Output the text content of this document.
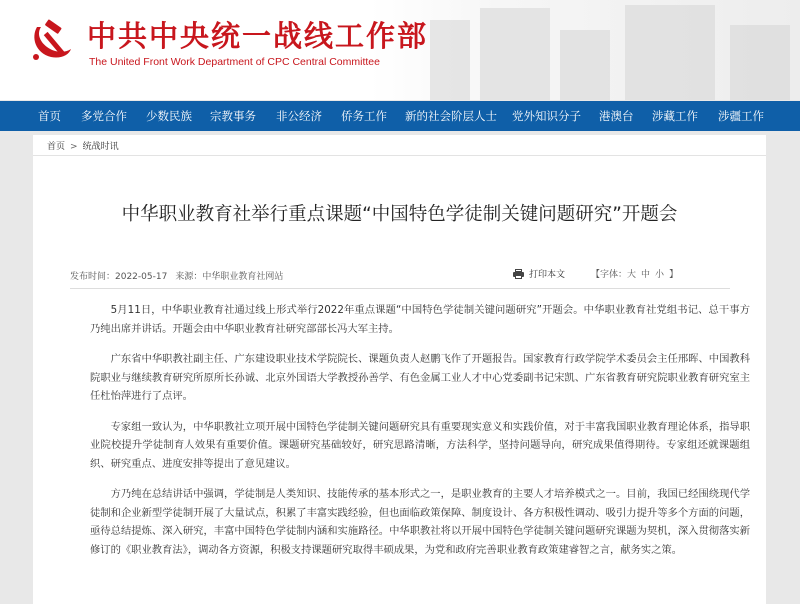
中共中央统一战线工作部
The United Front Work Department of CPC Central Committee
首页 多党合作 少数民族 宗教事务 非公经济 侨务工作 新的社会阶层人士 党外知识分子 港澳台 涉藏工作 涉疆工作
首页 > 统战时讯
中华职业教育社举行重点课题“中国特色学徒制关键问题研究”开题会
发布时间：2022-05-17 来源：中华职业教育社网站	打印本文	【字体：大 中 小 】

5月11日，中华职业教育社通过线上形式举行2022年重点课题“中国特色学徒制关键问题研究”开题会。中华职业教育社党组书记、总干事方乃纯出席并讲话。开题会由中华职业教育社研究部部长冯大军主持。

广东省中华职教社副主任、广东建设职业技术学院院长、课题负责人赵鹏飞作了开题报告。国家教育行政学院学术委员会主任邢晖、中国教科院职业与继续教育研究所原所长孙诚、北京外国语大学教授孙善学、有色金属工业人才中心党委副书记宋凯、广东省教育研究院职业教育研究室主任杜怡萍进行了点评。

专家组一致认为，中华职教社立项开展中国特色学徒制关键问题研究具有重要现实意义和实践价值，对于丰富我国职业教育理论体系，指导职业院校提升学徒制育人效果有重要价值。课题研究基础较好，研究思路清晰，方法科学，坚持问题导向，研究成果值得期待。专家组还就课题组织、研究重点、进度安排等提出了意见建议。

方乃纯在总结讲话中强调，学徒制是人类知识、技能传承的基本形式之一，是职业教育的主要人才培养模式之一。目前，我国已经围绕现代学徒制和企业新型学徒制开展了大量试点，积累了丰富实践经验，但也面临政策保障、制度设计、各方积极性调动、吸引力提升等多个方面的问题，亟待总结提炼、深入研究，丰富中国特色学徒制内涵和实施路径。中华职教社将以开展中国特色学徒制关键问题研究课题为契机，深入贯彻落实新修订的《职业教育法》，调动各方资源，积极支持课题研究取得丰硕成果，为党和政府完善职业教育政策建睿智之言，献务实之策。
